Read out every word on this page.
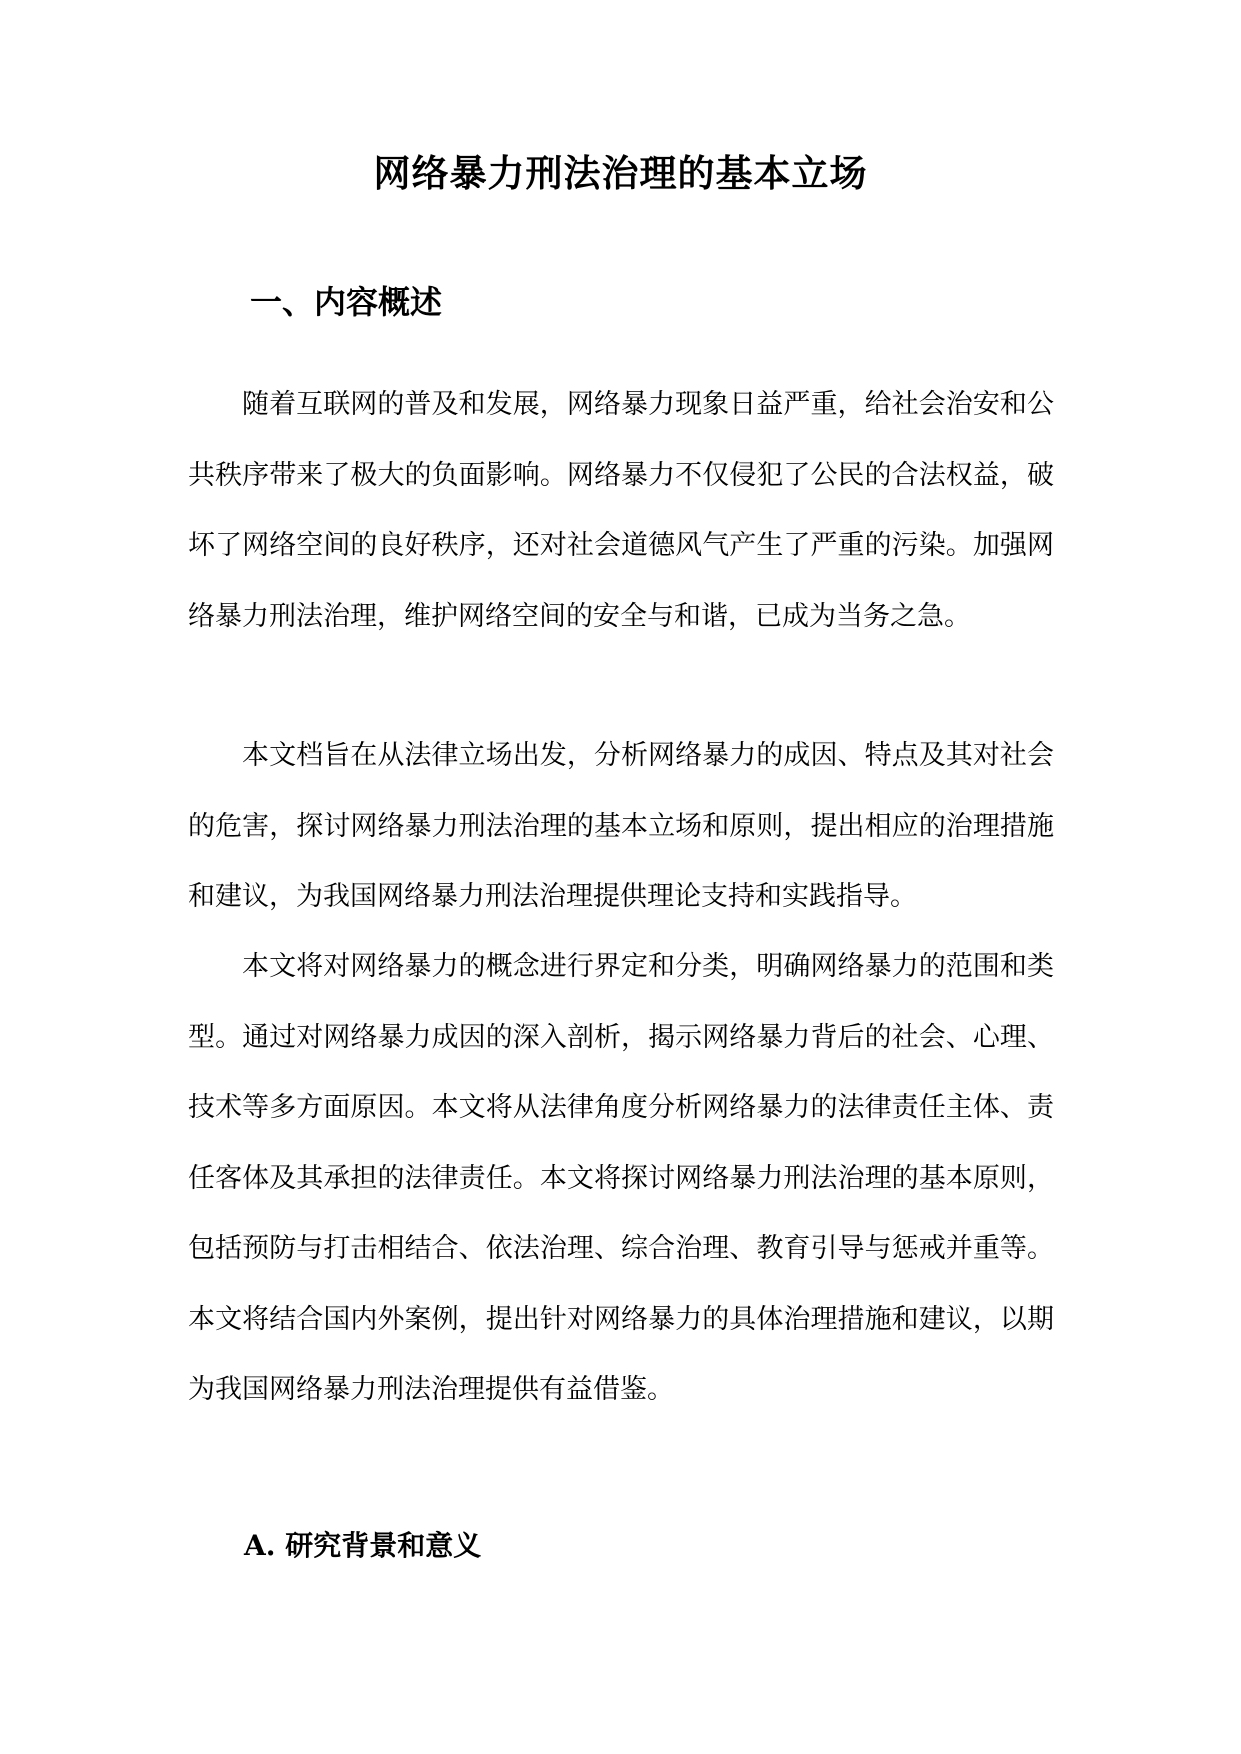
网络暴力刑法治理的基本立场
一、内容概述

随着互联网的普及和发展，网络暴力现象日益严重，给社会治安和公共秩序带来了极大的负面影响。网络暴力不仅侵犯了公民的合法权益，破坏了网络空间的良好秩序，还对社会道德风气产生了严重的污染。加强网络暴力刑法治理，维护网络空间的安全与和谐，已成为当务之急。

本文档旨在从法律立场出发，分析网络暴力的成因、特点及其对社会的危害，探讨网络暴力刑法治理的基本立场和原则，提出相应的治理措施和建议，为我国网络暴力刑法治理提供理论支持和实践指导。

本文将对网络暴力的概念进行界定和分类，明确网络暴力的范围和类型。通过对网络暴力成因的深入剖析，揭示网络暴力背后的社会、心理、技术等多方面原因。本文将从法律角度分析网络暴力的法律责任主体、责任客体及其承担的法律责任。本文将探讨网络暴力刑法治理的基本原则，包括预防与打击相结合、依法治理、综合治理、教育引导与惩戒并重等。本文将结合国内外案例，提出针对网络暴力的具体治理措施和建议，以期为我国网络暴力刑法治理提供有益借鉴。

A. 研究背景和意义
